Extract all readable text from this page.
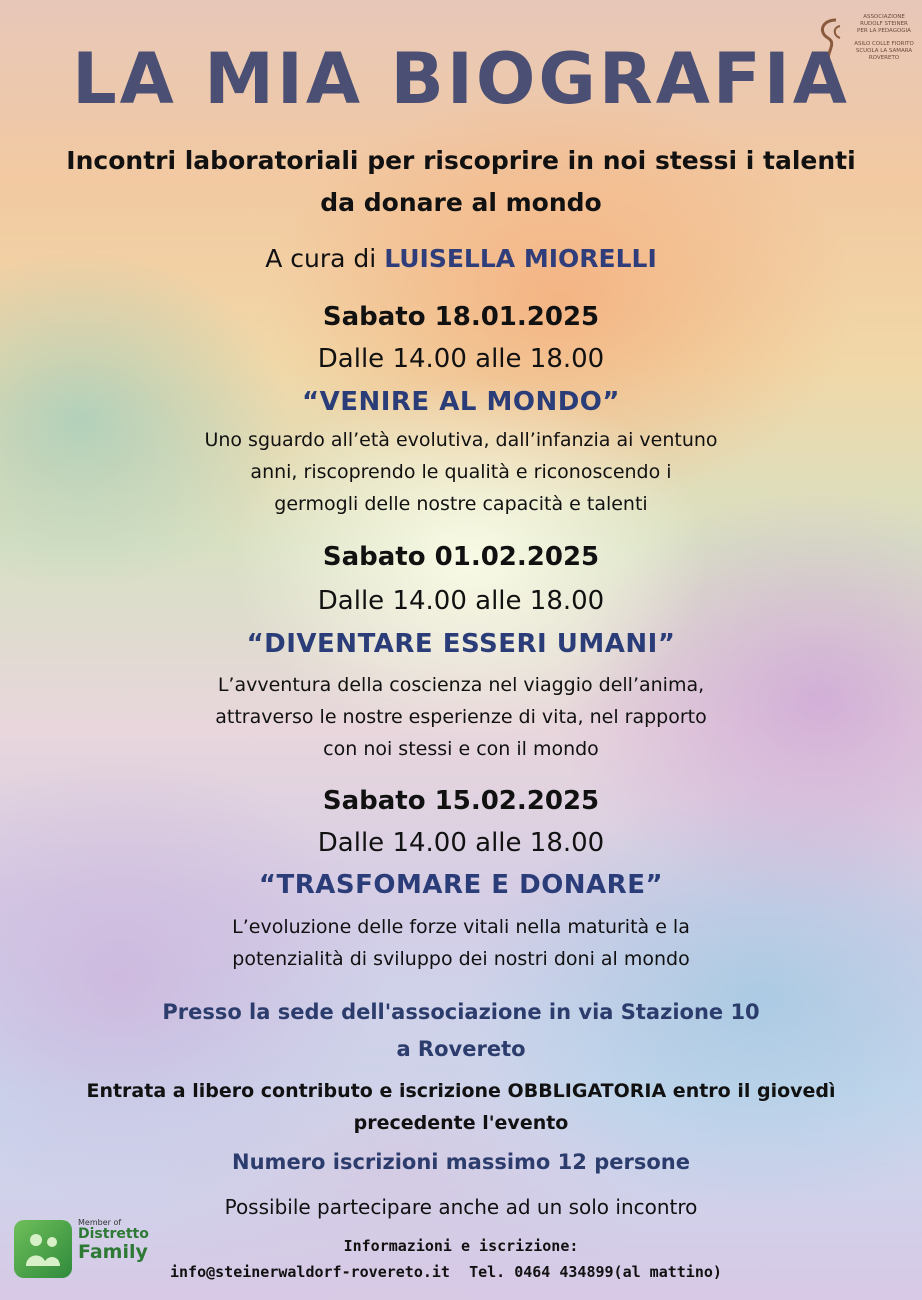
ASSOCIAZIONE
RUDOLF STEINER
PER LA PEDAGOGIA
ASILO COLLE FIORITO
SCUOLA LA SAMARA
ROVERETO
LA MIA BIOGRAFIA
Incontri laboratoriali per riscoprire in noi stessi i talenti
da donare al mondo
A cura di LUISELLA MIORELLI
Sabato 18.01.2025
Dalle 14.00 alle 18.00
“VENIRE AL MONDO”
Uno sguardo all’età evolutiva, dall’infanzia ai ventuno
anni, riscoprendo le qualità e riconoscendo i
germogli delle nostre capacità e talenti
Sabato 01.02.2025
Dalle 14.00 alle 18.00
“DIVENTARE ESSERI UMANI”
L’avventura della coscienza nel viaggio dell’anima,
attraverso le nostre esperienze di vita, nel rapporto
con noi stessi e con il mondo
Sabato 15.02.2025
Dalle 14.00 alle 18.00
“TRASFOMARE E DONARE”
L’evoluzione delle forze vitali nella maturità e la
potenzialità di sviluppo dei nostri doni al mondo
Presso la sede dell'associazione in via Stazione 10
a Rovereto
Entrata a libero contributo e iscrizione OBBLIGATORIA entro il giovedì
precedente l'evento
Numero iscrizioni massimo 12 persone
Possibile partecipare anche ad un solo incontro
Informazioni e iscrizione:
info@steinerwaldorf-rovereto.it Tel. 0464 434899(al mattino)
Member of
Distretto
Family
